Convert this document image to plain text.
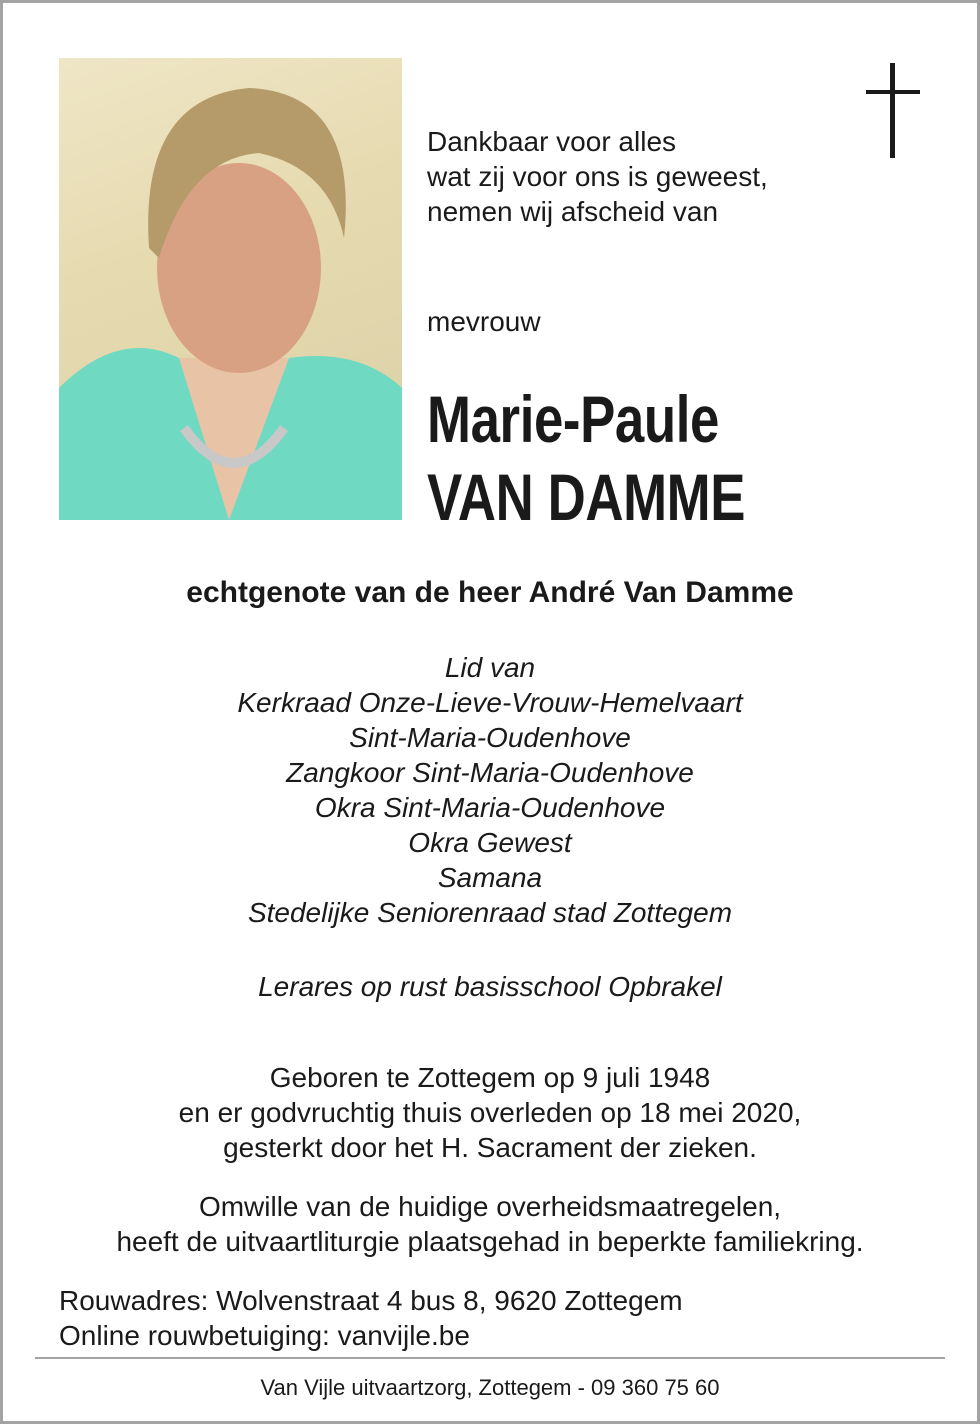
Dankbaar voor alles
wat zij voor ons is geweest,
nemen wij afscheid van
mevrouw
Marie-Paule
VAN DAMME
echtgenote van de heer André Van Damme
Lid van
Kerkraad Onze-Lieve-Vrouw-Hemelvaart
Sint-Maria-Oudenhove
Zangkoor Sint-Maria-Oudenhove
Okra Sint-Maria-Oudenhove
Okra Gewest
Samana
Stedelijke Seniorenraad stad Zottegem
Lerares op rust basisschool Opbrakel
Geboren te Zottegem op 9 juli 1948
en er godvruchtig thuis overleden op 18 mei 2020,
gesterkt door het H. Sacrament der zieken.
Omwille van de huidige overheidsmaatregelen,
heeft de uitvaartliturgie plaatsgehad in beperkte familiekring.
Rouwadres: Wolvenstraat 4 bus 8, 9620 Zottegem
Online rouwbetuiging: vanvijle.be
Van Vijle uitvaartzorg, Zottegem - 09 360 75 60
